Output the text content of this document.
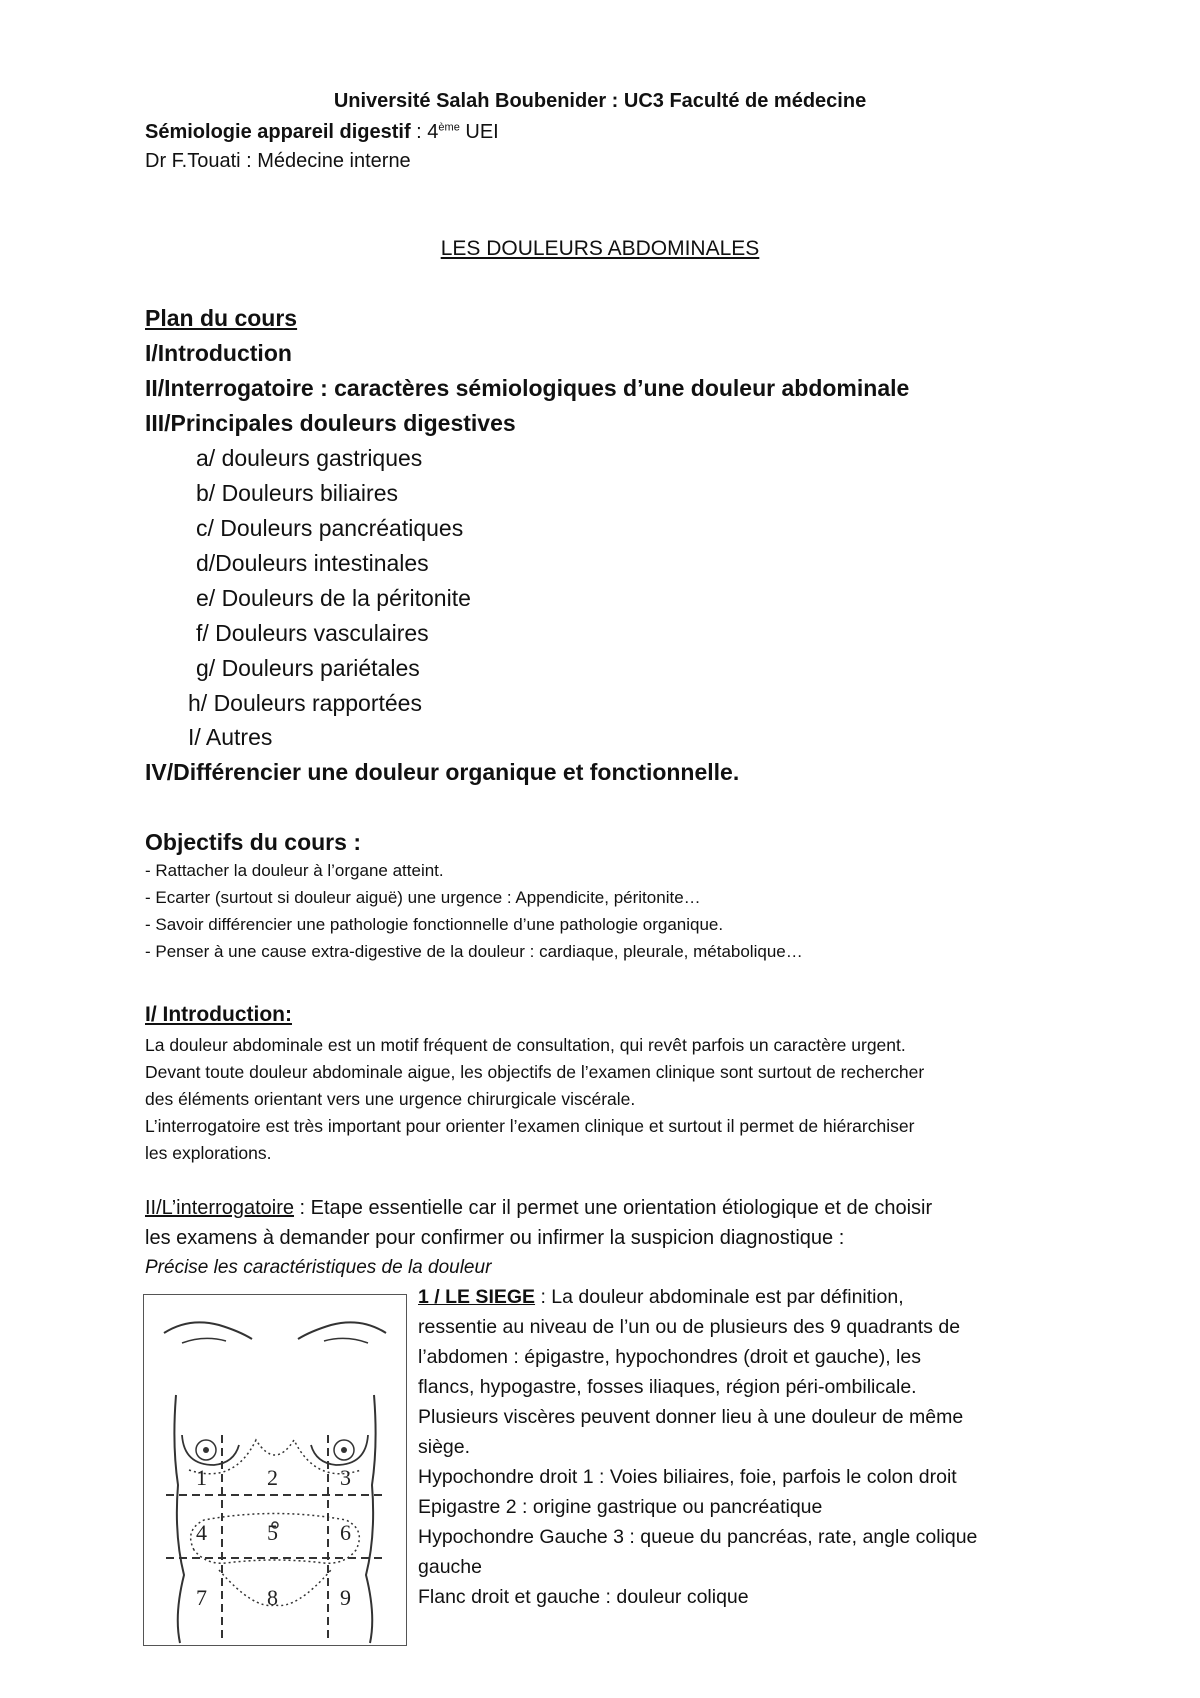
Université Salah Boubenider : UC3 Faculté de médecine
Sémiologie appareil digestif : 4ème UEI
Dr F.Touati : Médecine interne
LES DOULEURS ABDOMINALES
Plan du cours
I/Introduction
II/Interrogatoire : caractères sémiologiques d’une douleur abdominale
III/Principales douleurs digestives
a/ douleurs gastriques
b/ Douleurs biliaires
c/ Douleurs pancréatiques
d/Douleurs intestinales
e/ Douleurs de la péritonite
f/ Douleurs vasculaires
g/ Douleurs pariétales
h/ Douleurs rapportées
I/ Autres
IV/Différencier une douleur organique et fonctionnelle.
Objectifs du cours :
- Rattacher la douleur à l’organe atteint.
- Ecarter (surtout si douleur aiguë) une urgence : Appendicite, péritonite…
- Savoir différencier une pathologie fonctionnelle d’une pathologie organique.
- Penser à une cause extra-digestive de la douleur : cardiaque, pleurale, métabolique…
I/ Introduction:
La douleur abdominale est un motif fréquent de consultation, qui revêt parfois un caractère urgent.
Devant toute douleur abdominale aigue, les objectifs de l’examen clinique sont surtout de rechercher
des éléments orientant vers une urgence chirurgicale viscérale.
L’interrogatoire est très important pour orienter l’examen clinique et surtout il permet de hiérarchiser
les explorations.
II/L’interrogatoire : Etape essentielle car il permet une orientation étiologique et de choisir
les examens à demander pour confirmer ou infirmer la suspicion diagnostique :
Précise les caractéristiques de la douleur
1	2	3
4	5	6
7	8	9
1 / LE SIEGE : La douleur abdominale est par définition,
ressentie au niveau de l’un ou de plusieurs des 9 quadrants de
l’abdomen : épigastre, hypochondres (droit et gauche), les
flancs, hypogastre, fosses iliaques, région péri-ombilicale.
Plusieurs viscères peuvent donner lieu à une douleur de même
siège.
Hypochondre droit 1 : Voies biliaires, foie, parfois le colon droit
Epigastre 2 : origine gastrique ou pancréatique
Hypochondre Gauche 3 : queue du pancréas, rate, angle colique
gauche
Flanc droit et gauche : douleur colique
